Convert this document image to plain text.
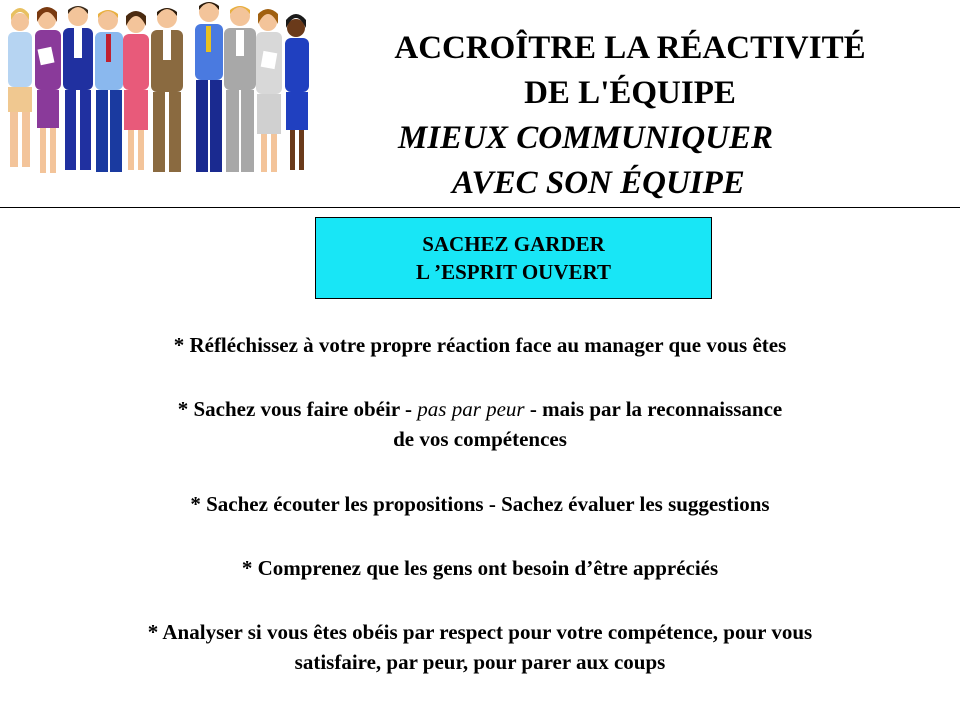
ACCROÎTRE LA RÉACTIVITÉ
DE L'ÉQUIPE
MIEUX COMMUNIQUER
AVEC SON ÉQUIPE
SACHEZ GARDER
L ’ESPRIT OUVERT
* Réfléchissez à votre propre réaction face au manager que vous êtes
* Sachez vous faire obéir - pas par peur - mais par la reconnaissance
de vos compétences
* Sachez écouter les propositions - Sachez évaluer les suggestions
* Comprenez que les gens ont besoin d’être appréciés
* Analyser si vous êtes obéis par respect pour votre compétence, pour vous
satisfaire, par peur, pour parer aux coups
